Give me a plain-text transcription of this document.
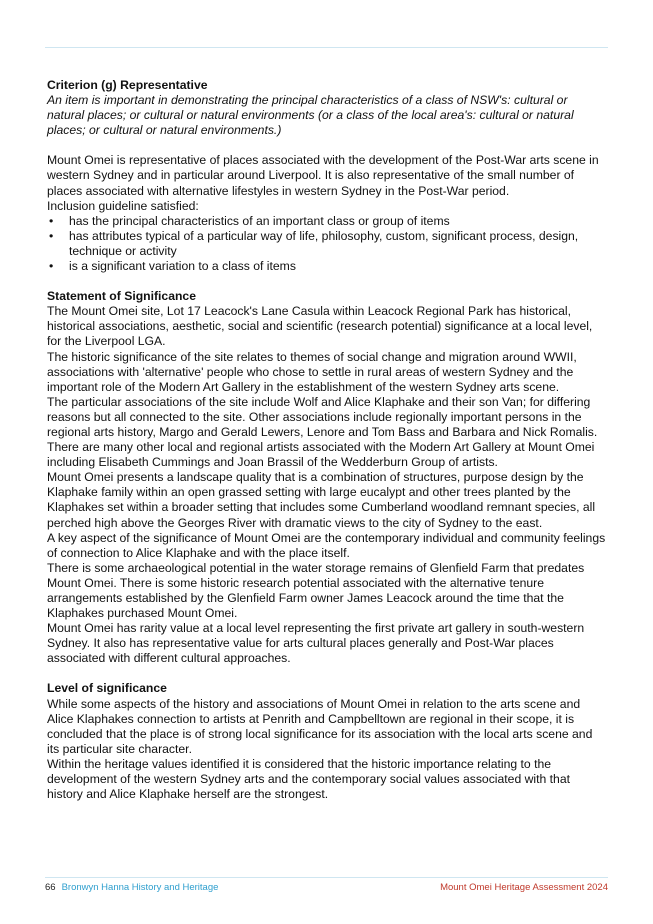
Criterion (g) Representative

An item is important in demonstrating the principal characteristics of a class of NSW's: cultural or natural places; or cultural or natural environments (or a class of the local area's: cultural or natural places; or cultural or natural environments.)

Mount Omei is representative of places associated with the development of the Post-War arts scene in western Sydney and in particular around Liverpool. It is also representative of the small number of places associated with alternative lifestyles in western Sydney in the Post-War period.

Inclusion guideline satisfied:

• has the principal characteristics of an important class or group of items
• has attributes typical of a particular way of life, philosophy, custom, significant process, design, technique or activity
• is a significant variation to a class of items

Statement of Significance

The Mount Omei site, Lot 17 Leacock's Lane Casula within Leacock Regional Park has historical, historical associations, aesthetic, social and scientific (research potential) significance at a local level, for the Liverpool LGA.

The historic significance of the site relates to themes of social change and migration around WWII, associations with 'alternative' people who chose to settle in rural areas of western Sydney and the important role of the Modern Art Gallery in the establishment of the western Sydney arts scene.

The particular associations of the site include Wolf and Alice Klaphake and their son Van; for differing reasons but all connected to the site. Other associations include regionally important persons in the regional arts history, Margo and Gerald Lewers, Lenore and Tom Bass and Barbara and Nick Romalis. There are many other local and regional artists associated with the Modern Art Gallery at Mount Omei including Elisabeth Cummings and Joan Brassil of the Wedderburn Group of artists.

Mount Omei presents a landscape quality that is a combination of structures, purpose design by the Klaphake family within an open grassed setting with large eucalypt and other trees planted by the Klaphakes set within a broader setting that includes some Cumberland woodland remnant species, all perched high above the Georges River with dramatic views to the city of Sydney to the east.

A key aspect of the significance of Mount Omei are the contemporary individual and community feelings of connection to Alice Klaphake and with the place itself.

There is some archaeological potential in the water storage remains of Glenfield Farm that predates Mount Omei. There is some historic research potential associated with the alternative tenure arrangements established by the Glenfield Farm owner James Leacock around the time that the Klaphakes purchased Mount Omei.

Mount Omei has rarity value at a local level representing the first private art gallery in south-western Sydney. It also has representative value for arts cultural places generally and Post-War places associated with different cultural approaches.

Level of significance

While some aspects of the history and associations of Mount Omei in relation to the arts scene and Alice Klaphakes connection to artists at Penrith and Campbelltown are regional in their scope, it is concluded that the place is of strong local significance for its association with the local arts scene and its particular site character.

Within the heritage values identified it is considered that the historic importance relating to the development of the western Sydney arts and the contemporary social values associated with that history and Alice Klaphake herself are the strongest.

66 Bronwyn Hanna History and Heritage	Mount Omei Heritage Assessment 2024
